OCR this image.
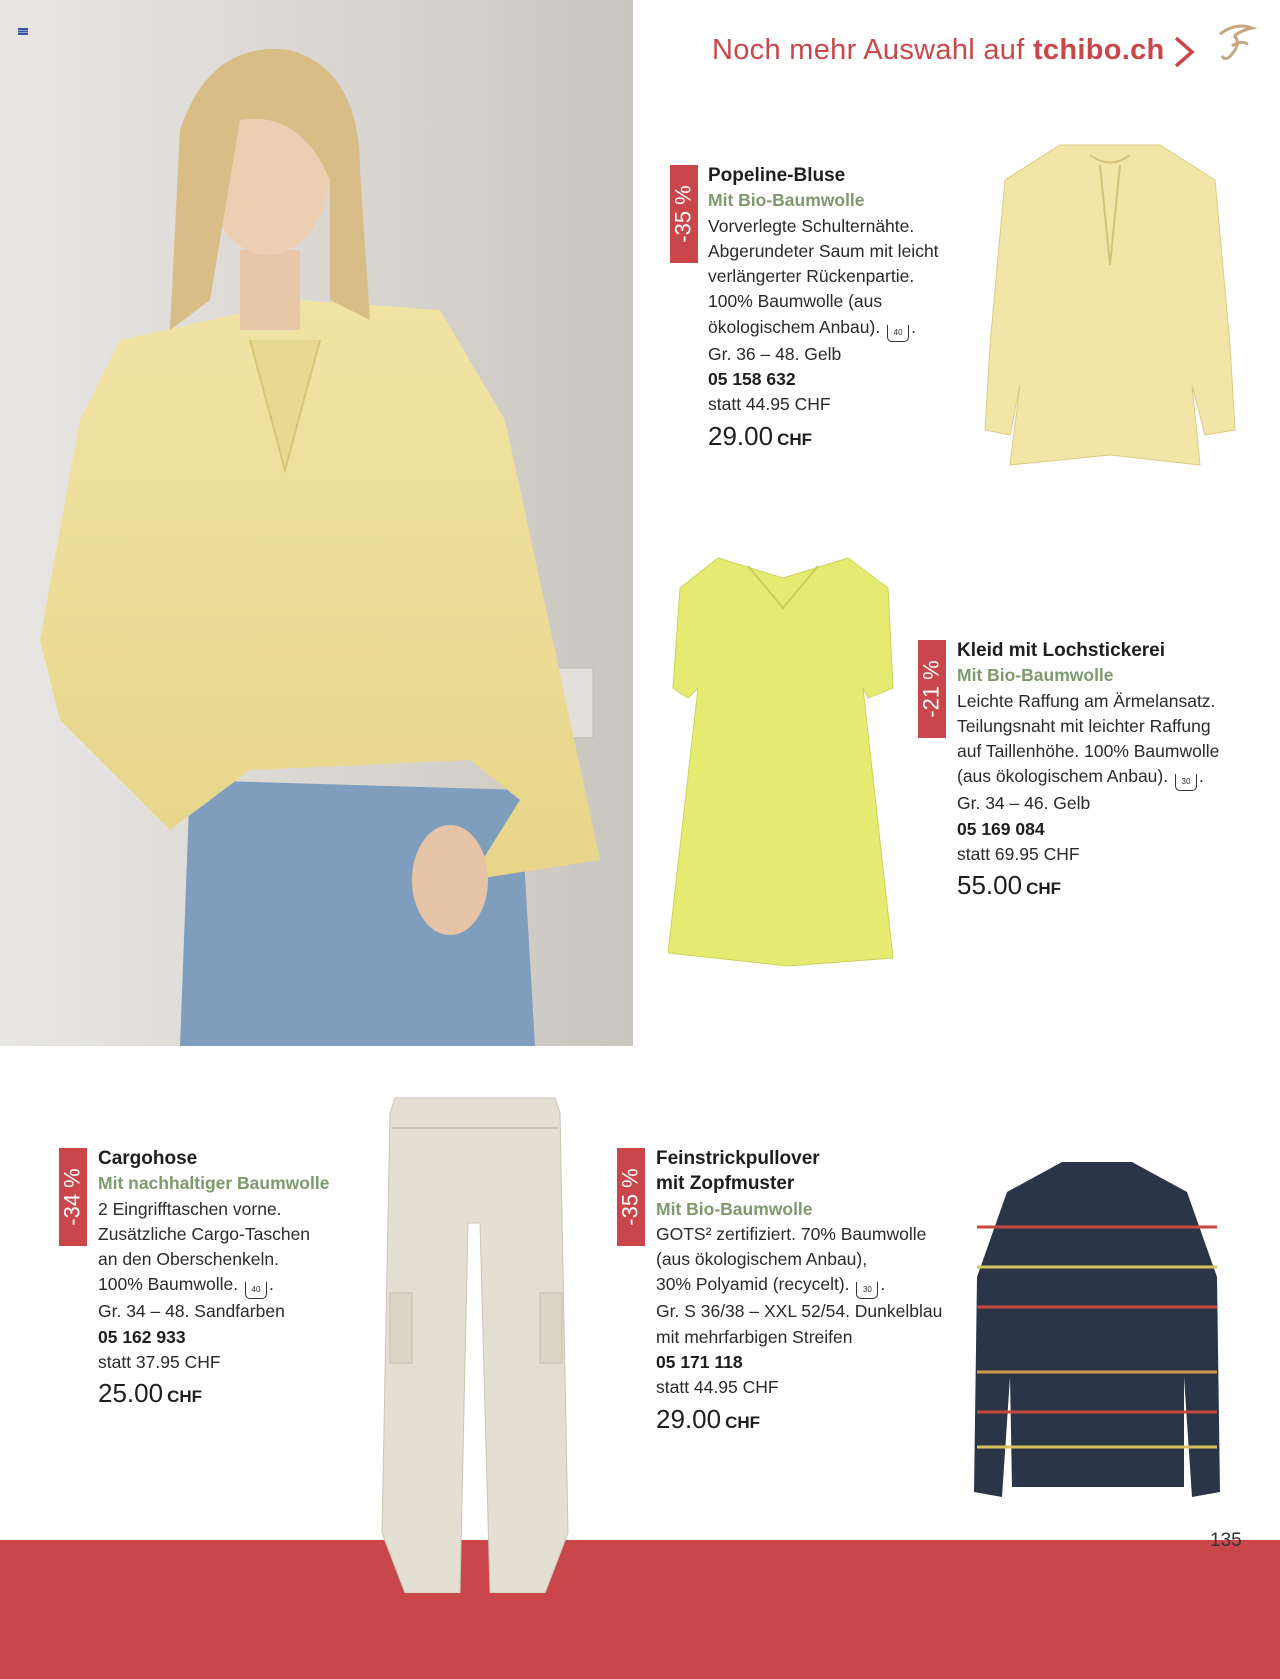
Noch mehr Auswahl auf tchibo.ch
-35 %
Popeline-Bluse
Mit Bio-Baumwolle
Vorverlegte Schulternähte.
Abgerundeter Saum mit leicht
verlängerter Rückenpartie.
100% Baumwolle (aus
ökologischem Anbau). 40 .
Gr. 36 – 48. Gelb
05 158 632
statt 44.95 CHF
29.00 CHF
-21 %
Kleid mit Lochstickerei
Mit Bio-Baumwolle
Leichte Raffung am Ärmelansatz.
Teilungsnaht mit leichter Raffung
auf Taillenhöhe. 100% Baumwolle
(aus ökologischem Anbau). 30 .
Gr. 34 – 46. Gelb
05 169 084
statt 69.95 CHF
55.00 CHF
-34 %
Cargohose
Mit nachhaltiger Baumwolle
2 Eingrifftaschen vorne.
Zusätzliche Cargo-Taschen
an den Oberschenkeln.
100% Baumwolle. 40 .
Gr. 34 – 48. Sandfarben
05 162 933
statt 37.95 CHF
25.00 CHF
-35 %
Feinstrickpullover
mit Zopfmuster
Mit Bio-Baumwolle
GOTS² zertifiziert. 70% Baumwolle
(aus ökologischem Anbau),
30% Polyamid (recycelt). 30 .
Gr. S 36/38 – XXL 52/54. Dunkelblau
mit mehrfarbigen Streifen
05 171 118
statt 44.95 CHF
29.00 CHF
135
